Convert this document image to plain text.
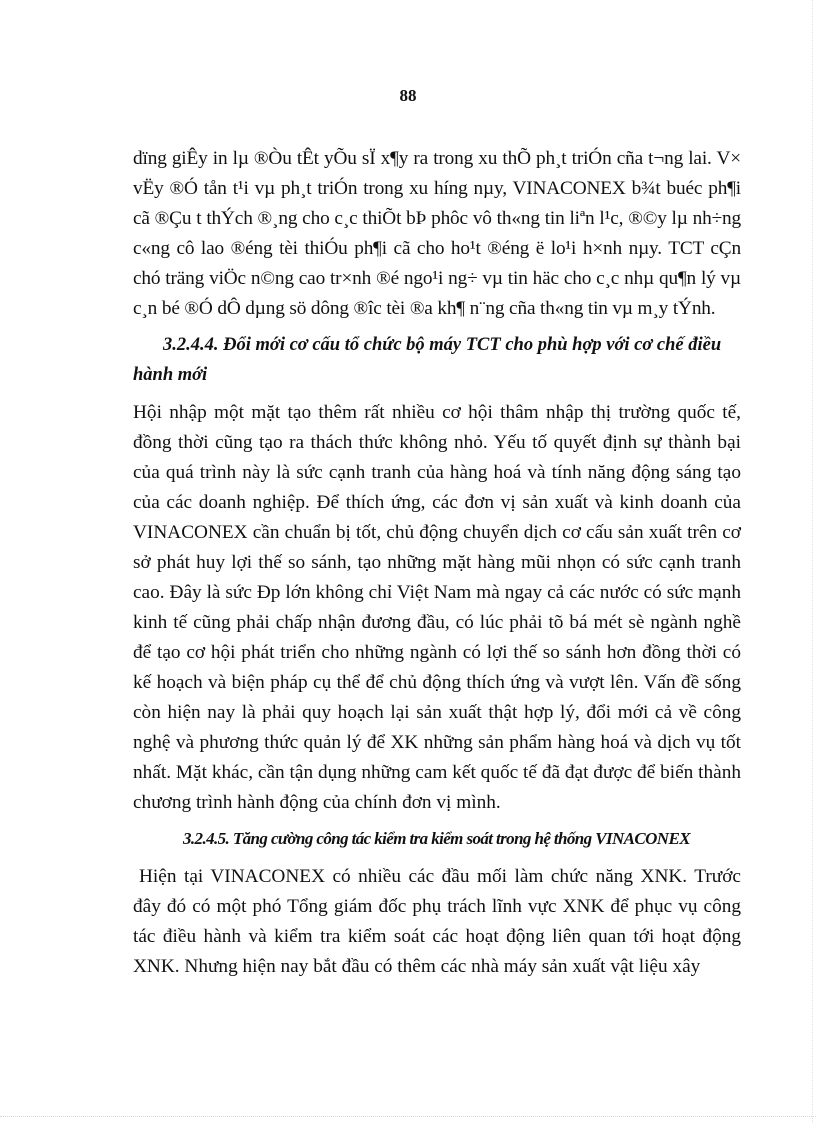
88

dïng giÊy in lµ ®Òu tÊt yÕu sÏ x¶y ra trong xu thÕ ph¸t triÓn cña t¬ng lai. V× vËy ®Ó tån t¹i vµ ph¸t triÓn trong xu híng nµy, VINACONEX b¾t buéc ph¶i cã ®Çu t thÝch ®¸ng cho c¸c thiÕt bÞ phôc vô th«ng tin liªn l¹c, ®©y lµ nh÷ng c«ng cô lao ®éng tèi thiÓu ph¶i cã cho ho¹t ®éng ë lo¹i h×nh nµy. TCT cÇn chó träng viÖc n©ng cao tr×nh ®é ngo¹i ng÷ vµ tin häc cho c¸c nhµ qu¶n lý vµ c¸n bé ®Ó dÔ dµng sö dông ®îc tèi ®a kh¶ n¨ng cña th«ng tin vµ m¸y tÝnh.

3.2.4.4. Đổi mới cơ cấu tổ chức bộ máy TCT cho phù hợp với cơ chế điều hành mới

Hội nhập một mặt tạo thêm rất nhiều cơ hội thâm nhập thị trường quốc tế, đồng thời cũng tạo ra thách thức không nhỏ. Yếu tố quyết định sự thành bại của quá trình này là sức cạnh tranh của hàng hoá và tính năng động sáng tạo của các doanh nghiệp. Để thích ứng, các đơn vị sản xuất và kinh doanh của VINACONEX cần chuẩn bị tốt, chủ động chuyển dịch cơ cấu sản xuất trên cơ sở phát huy lợi thế so sánh, tạo những mặt hàng mũi nhọn có sức cạnh tranh cao. Đây là sức Ðp lớn không chỉ Việt Nam mà ngay cả các nước có sức mạnh kinh tế cũng phải chấp nhận đương đầu, có lúc phải tõ bá mét sè ngành nghề để tạo cơ hội phát triển cho những ngành có lợi thế so sánh hơn đồng thời có kế hoạch và biện pháp cụ thể để chủ động thích ứng và vượt lên. Vấn đề sống còn hiện nay là phải quy hoạch lại sản xuất thật hợp lý, đổi mới cả về công nghệ và phương thức quản lý để XK những sản phẩm hàng hoá và dịch vụ tốt nhất. Mặt khác, cần tận dụng những cam kết quốc tế đã đạt được để biến thành chương trình hành động của chính đơn vị mình.

3.2.4.5. Tăng cường công tác kiểm tra kiểm soát trong hệ thống VINACONEX

Hiện tại VINACONEX có nhiều các đầu mối làm chức năng XNK. Trước đây đó có một phó Tổng giám đốc phụ trách lĩnh vực XNK để phục vụ công tác điều hành và kiểm tra kiểm soát các hoạt động liên quan tới hoạt động XNK. Nhưng hiện nay bắt đầu có thêm các nhà máy sản xuất vật liệu xây
